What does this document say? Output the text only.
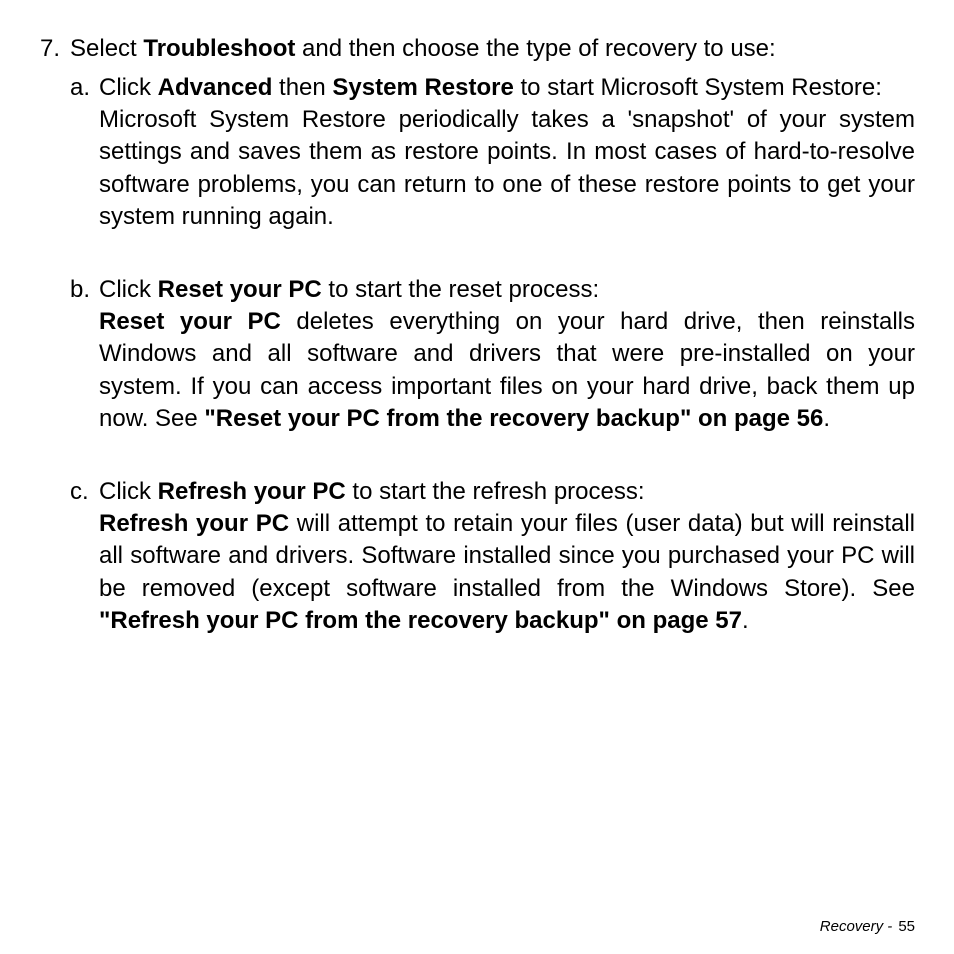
7. Select Troubleshoot and then choose the type of recovery to use:
a. Click Advanced then System Restore to start Microsoft System Restore:

Microsoft System Restore periodically takes a 'snapshot' of your system settings and saves them as restore points. In most cases of hard-to-resolve software problems, you can return to one of these restore points to get your system running again.

b. Click Reset your PC to start the reset process:

Reset your PC deletes everything on your hard drive, then reinstalls Windows and all software and drivers that were pre-installed on your system. If you can access important files on your hard drive, back them up now. See "Reset your PC from the recovery backup" on page 56.

c. Click Refresh your PC to start the refresh process:

Refresh your PC will attempt to retain your files (user data) but will reinstall all software and drivers. Software installed since you purchased your PC will be removed (except software installed from the Windows Store). See "Refresh your PC from the recovery backup" on page 57.

Recovery - 55
